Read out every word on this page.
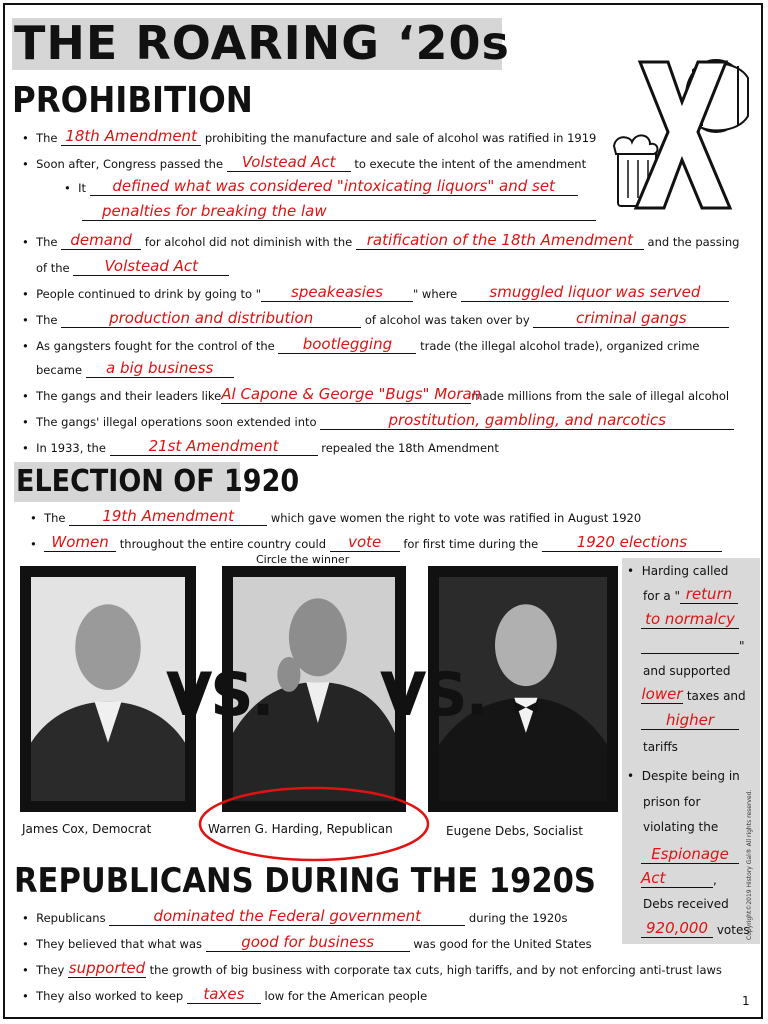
THE ROARING ‘20s
PROHIBITION
•  The 18th Amendment prohibiting the manufacture and sale of alcohol was ratified in 1919
•  Soon after, Congress passed the	Volstead Act	to execute the intent of the amendment
•  It	defined what was considered "intoxicating liquors" and set
penalties for breaking the law
•  The demand	for alcohol did not diminish with the ratification of the 18th Amendment	and the passing
of the	Volstead Act
•  People continued to drink by going to "	speakeasies	" where	smuggled liquor was served
•  The	production and distribution	of alcohol was taken over by	criminal gangs
•  As gangsters fought for the control of the	bootlegging	trade (the illegal alcohol trade), organized crime
became	a big business
•  The gangs and their leaders like Al Capone & George "Bugs" Moran
made millions from the sale of illegal alcohol
•  The gangs' illegal operations soon extended into	prostitution, gambling, and narcotics
•  In 1933, the	21st Amendment	repealed the 18th Amendment
ELECTION OF 1920
•  The	19th Amendment	which gave women the right to vote was ratified in August 1920
• Women throughout the entire country could	vote	for first time during the	1920 elections
Circle the winner
VS. VS.
James Cox, Democrat	Warren G. Harding, Republican	Eugene Debs, Socialist
•  Harding called
for a " return
to normalcy
"
and supported
lower taxes and
higher
tariffs
•  Despite being in
prison for
violating the
Espionage
Act	,
Debs received
920,000 votes
REPUBLICANS DURING THE 1920S
•  Republicans	dominated the Federal government	during the 1920s
•  They believed that what was	good for business	was good for the United States
•  They supported the growth of big business with corporate tax cuts, high tariffs, and by not enforcing anti-trust laws
•  They also worked to keep	taxes	low for the American people
Copyright©2019 History Gal® All rights reserved.
1
